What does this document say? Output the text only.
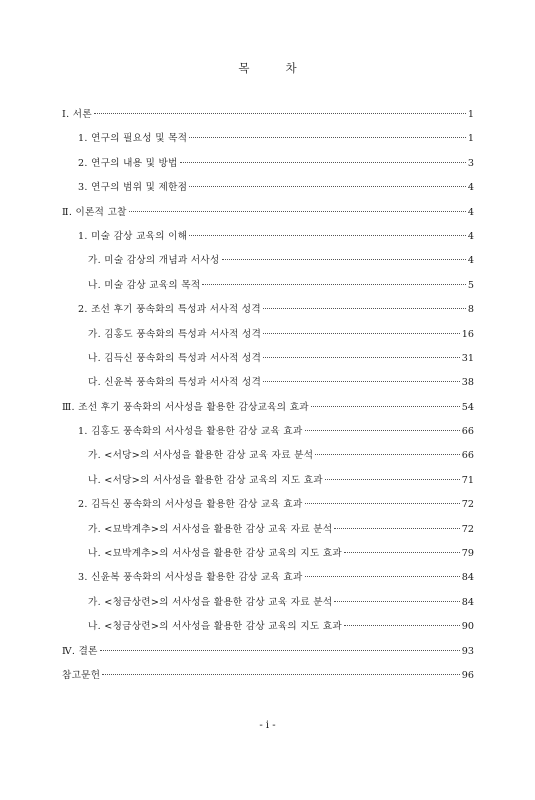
목	차
Ⅰ. 서론	1
1. 연구의 필요성 및 목적	1
2. 연구의 내용 및 방법	3
3. 연구의 범위 및 제한점	4
Ⅱ. 이론적 고찰	4
1. 미술 감상 교육의 이해	4
가. 미술 감상의 개념과 서사성	4
나. 미술 감상 교육의 목적	5
2. 조선 후기 풍속화의 특성과 서사적 성격	8
가. 김홍도 풍속화의 특성과 서사적 성격	16
나. 김득신 풍속화의 특성과 서사적 성격	31
다. 신윤복 풍속화의 특성과 서사적 성격	38
Ⅲ. 조선 후기 풍속화의 서사성을 활용한 감상교육의 효과	54
1. 김홍도 풍속화의 서사성을 활용한 감상 교육 효과	66
가. <서당>의 서사성을 활용한 감상 교육 자료 분석	66
나. <서당>의 서사성을 활용한 감상 교육의 지도 효과	71
2. 김득신 풍속화의 서사성을 활용한 감상 교육 효과	72
가. <묘박계추>의 서사성을 활용한 감상 교육 자료 분석	72
나. <묘박계추>의 서사성을 활용한 감상 교육의 지도 효과	79
3. 신윤복 풍속화의 서사성을 활용한 감상 교육 효과	84
가. <청금상련>의 서사성을 활용한 감상 교육 자료 분석	84
나. <청금상련>의 서사성을 활용한 감상 교육의 지도 효과	90
Ⅳ. 결론	93
참고문헌	96
- i -
